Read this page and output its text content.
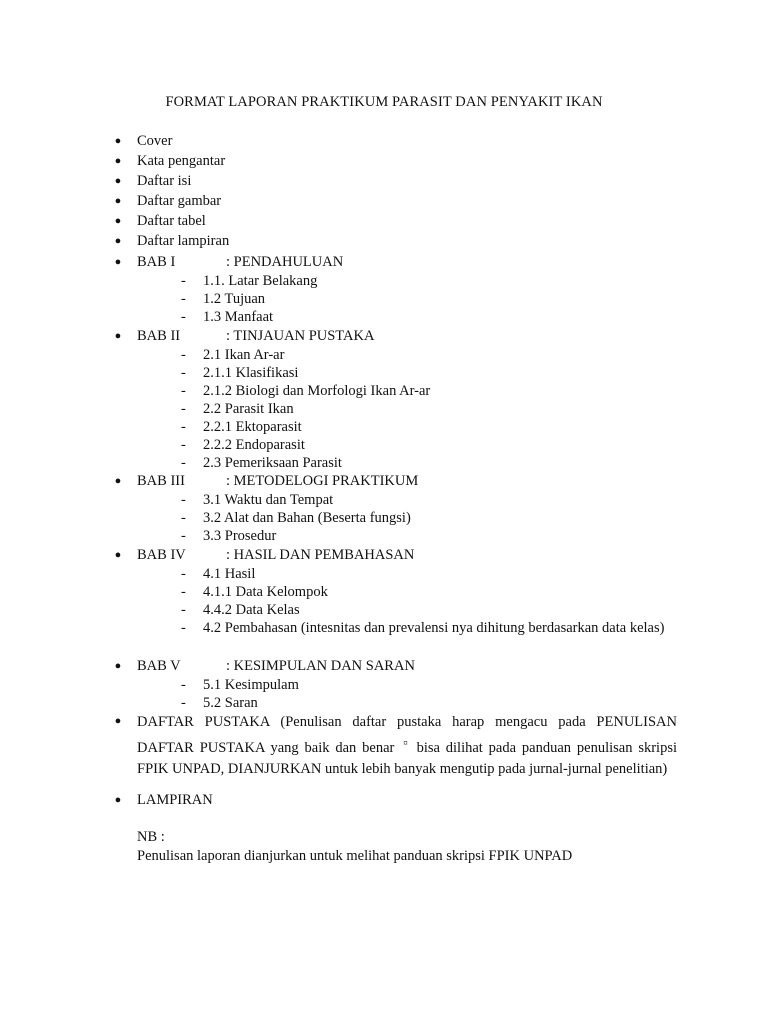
FORMAT LAPORAN PRAKTIKUM PARASIT DAN PENYAKIT IKAN
● Cover
● Kata pengantar
● Daftar isi
● Daftar gambar
● Daftar tabel
● Daftar lampiran
● BAB I	: PENDAHULUAN
- 1.1. Latar Belakang
- 1.2 Tujuan
- 1.3 Manfaat
● BAB II	: TINJAUAN PUSTAKA
- 2.1 Ikan Ar-ar
- 2.1.1 Klasifikasi
- 2.1.2 Biologi dan Morfologi Ikan Ar-ar
- 2.2 Parasit Ikan
- 2.2.1 Ektoparasit
- 2.2.2 Endoparasit
- 2.3 Pemeriksaan Parasit
● BAB III	: METODELOGI PRAKTIKUM
- 3.1 Waktu dan Tempat
- 3.2 Alat dan Bahan (Beserta fungsi)
- 3.3 Prosedur
● BAB IV	: HASIL DAN PEMBAHASAN
- 4.1 Hasil
- 4.1.1 Data Kelompok
- 4.4.2 Data Kelas
- 4.2 Pembahasan (intesnitas dan prevalensi nya dihitung berdasarkan data kelas)
● BAB V	: KESIMPULAN DAN SARAN
- 5.1 Kesimpulam
- 5.2 Saran
● DAFTAR PUSTAKA (Penulisan daftar pustaka harap mengacu pada PENULISAN DAFTAR PUSTAKA yang baik dan benar ¤ bisa dilihat pada panduan penulisan skripsi FPIK UNPAD, DIANJURKAN untuk lebih banyak mengutip pada jurnal-jurnal penelitian)
● LAMPIRAN
NB :
Penulisan laporan dianjurkan untuk melihat panduan skripsi FPIK UNPAD
